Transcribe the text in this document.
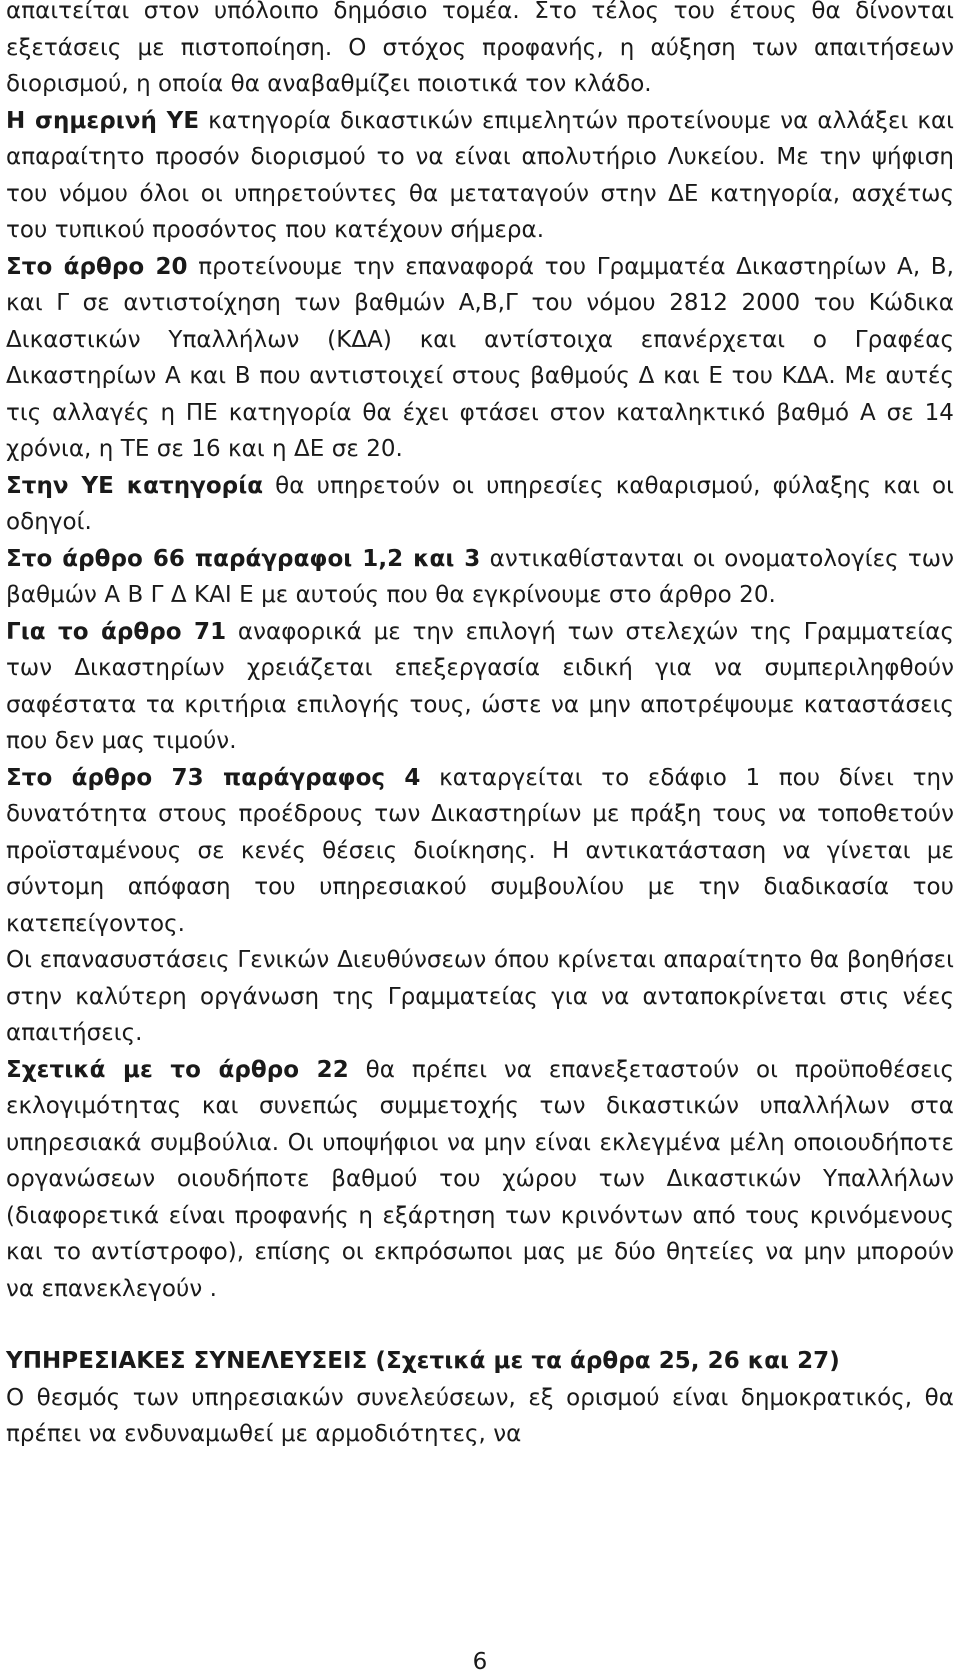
απαιτείται στον υπόλοιπο δημόσιο τομέα. Στο τέλος του έτους θα δίνονται εξετάσεις με πιστοποίηση. Ο στόχος προφανής, η αύξηση των απαιτήσεων διορισμού, η οποία θα αναβαθμίζει ποιοτικά τον κλάδο.

Η σημερινή ΥΕ κατηγορία δικαστικών επιμελητών προτείνουμε να αλλάξει και απαραίτητο προσόν διορισμού το να είναι απολυτήριο Λυκείου. Με την ψήφιση του νόμου όλοι οι υπηρετούντες θα μεταταγούν στην ΔΕ κατηγορία, ασχέτως του τυπικού προσόντος που κατέχουν σήμερα.

Στο άρθρο 20 προτείνουμε την επαναφορά του Γραμματέα Δικαστηρίων Α, Β, και Γ σε αντιστοίχηση των βαθμών Α,Β,Γ του νόμου 2812 2000 του Κώδικα Δικαστικών Υπαλλήλων (ΚΔΑ) και αντίστοιχα επανέρχεται ο Γραφέας Δικαστηρίων Α και Β που αντιστοιχεί στους βαθμούς Δ και Ε του ΚΔΑ. Με αυτές τις αλλαγές η ΠΕ κατηγορία θα έχει φτάσει στον καταληκτικό βαθμό Α σε 14 χρόνια, η ΤΕ σε 16 και η ΔΕ σε 20.

Στην ΥΕ κατηγορία θα υπηρετούν οι υπηρεσίες καθαρισμού, φύλαξης και οι οδηγοί.

Στο άρθρο 66 παράγραφοι 1,2 και 3 αντικαθίστανται οι ονοματολογίες των βαθμών Α Β Γ Δ ΚΑΙ Ε με αυτούς που θα εγκρίνουμε στο άρθρο 20.

Για το άρθρο 71 αναφορικά με την επιλογή των στελεχών της Γραμματείας των Δικαστηρίων χρειάζεται επεξεργασία ειδική για να συμπεριληφθούν σαφέστατα τα κριτήρια επιλογής τους, ώστε να μην αποτρέψουμε καταστάσεις που δεν μας τιμούν.

Στο άρθρο 73 παράγραφος 4 καταργείται το εδάφιο 1 που δίνει την δυνατότητα στους προέδρους των Δικαστηρίων με πράξη τους να τοποθετούν προϊσταμένους σε κενές θέσεις διοίκησης. Η αντικατάσταση να γίνεται με σύντομη απόφαση του υπηρεσιακού συμβουλίου με την διαδικασία του κατεπείγοντος.

Οι επανασυστάσεις Γενικών Διευθύνσεων όπου κρίνεται απαραίτητο θα βοηθήσει στην καλύτερη οργάνωση της Γραμματείας για να ανταποκρίνεται στις νέες απαιτήσεις.

Σχετικά με το άρθρο 22 θα πρέπει να επανεξεταστούν οι προϋποθέσεις εκλογιμότητας και συνεπώς συμμετοχής των δικαστικών υπαλλήλων στα υπηρεσιακά συμβούλια. Οι υποψήφιοι να μην είναι εκλεγμένα μέλη οποιουδήποτε οργανώσεων οιουδήποτε βαθμού του χώρου των Δικαστικών Υπαλλήλων (διαφορετικά είναι προφανής η εξάρτηση των κρινόντων από τους κρινόμενους και το αντίστροφο), επίσης οι εκπρόσωποι μας με δύο θητείες να μην μπορούν να επανεκλεγούν .

ΥΠΗΡΕΣΙΑΚΕΣ ΣΥΝΕΛΕΥΣΕΙΣ (Σχετικά με τα άρθρα 25, 26 και 27)

Ο θεσμός των υπηρεσιακών συνελεύσεων, εξ ορισμού είναι δημοκρατικός, θα πρέπει να ενδυναμωθεί με αρμοδιότητες, να

6
